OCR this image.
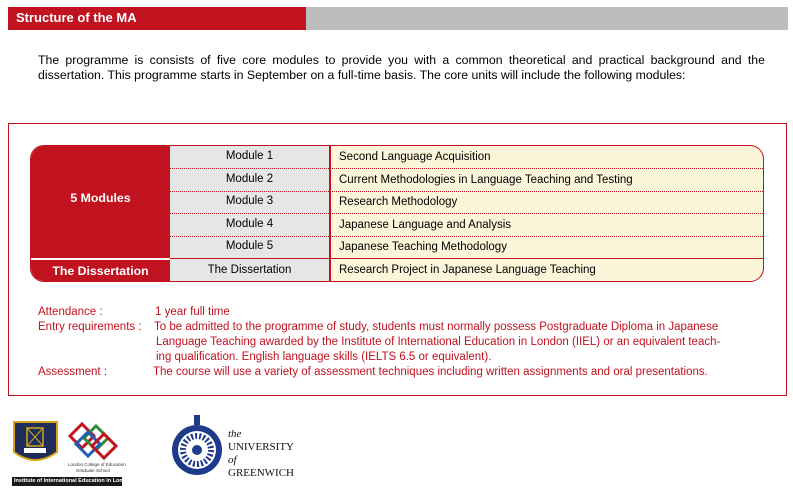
Structure of the MA
The programme is consists of five core modules to provide you with a common theoretical and practical background and the dissertation. This programme starts in September on a full-time basis. The core units will include the following modules:
5 Modules
The Dissertation
Module 1
Module 2
Module 3
Module 4
Module 5
The Dissertation
Second Language Acquisition
Current Methodologies in Language Teaching and Testing
Research Methodology
Japanese Language and Analysis
Japanese Teaching Methodology
Research Project in Japanese Language Teaching
Attendance :	1 year full time
Entry requirements : To be admitted to the programme of study, students must normally possess Postgraduate Diploma in Japanese
Language Teaching awarded by the Institute of International Education in London (IIEL) or an equivalent teach-
ing qualification. English language skills (IELTS 6.5 or equivalent).
Assessment :	The course will use a variety of assessment techniques including written assignments and oral presentations.
Institute of International Education in London
London College of Education
Graduate School
the
UNIVERSITY
of
GREENWICH
